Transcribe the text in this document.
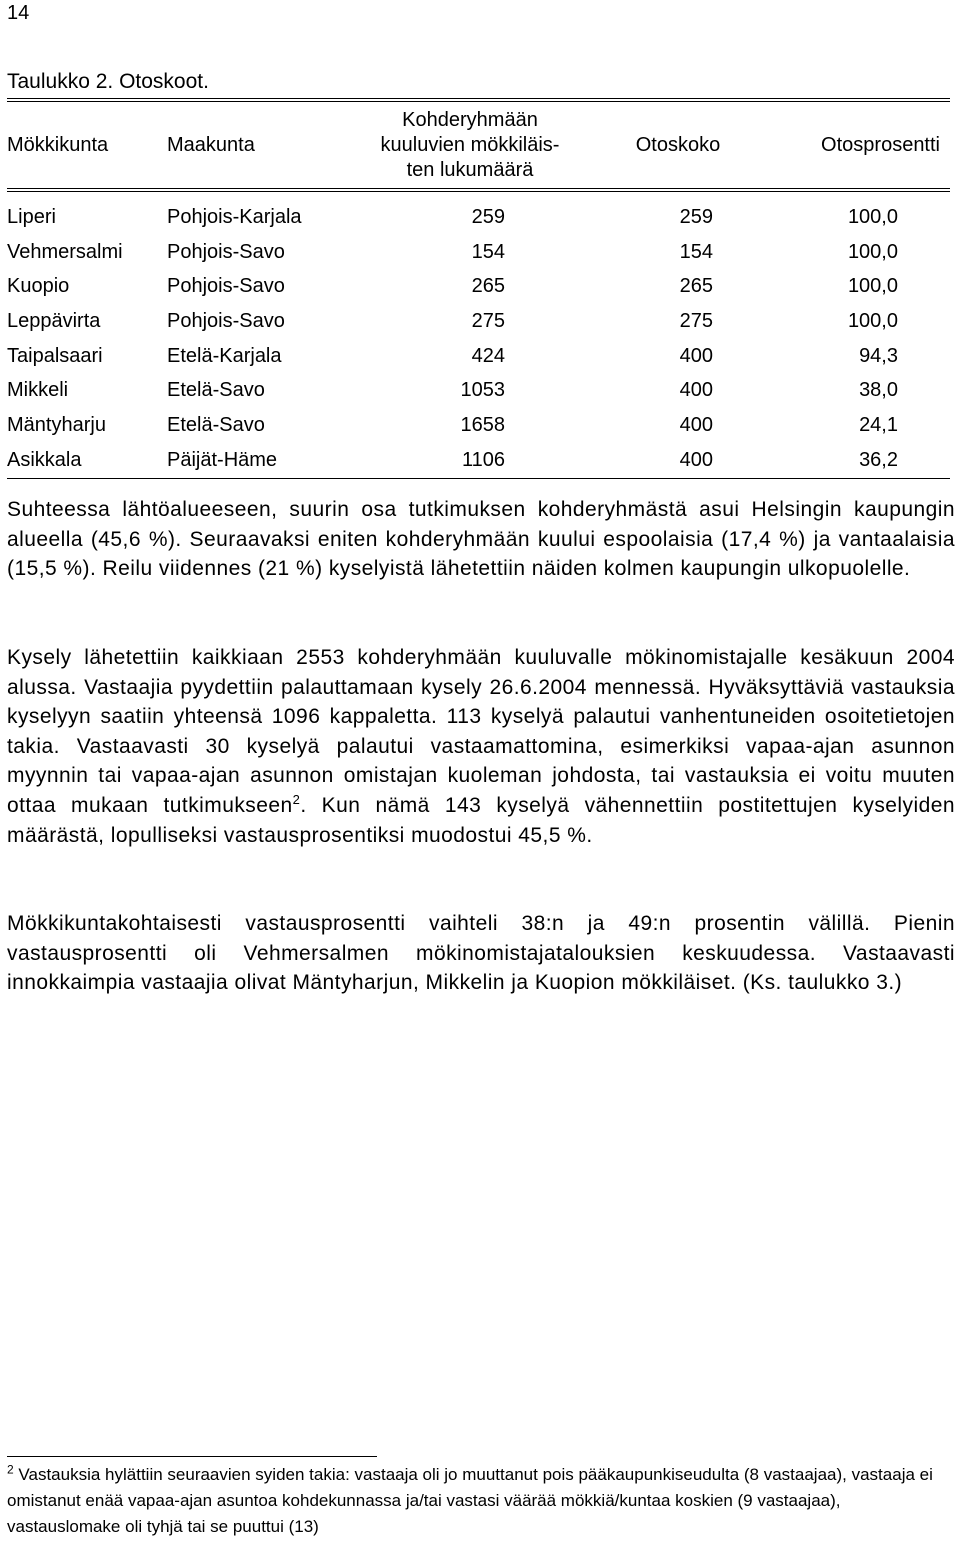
14
Taulukko 2. Otoskoot.
Mökkikunta	Maakunta	Kohderyhmään
kuuluvien mökkiläis-
ten lukumäärä	Otoskoko	Otosprosentti
Liperi	Pohjois-Karjala	259	259	100,0
Vehmersalmi	Pohjois-Savo	154	154	100,0
Kuopio	Pohjois-Savo	265	265	100,0
Leppävirta	Pohjois-Savo	275	275	100,0
Taipalsaari	Etelä-Karjala	424	400	94,3
Mikkeli	Etelä-Savo	1053	400	38,0
Mäntyharju	Etelä-Savo	1658	400	24,1
Asikkala	Päijät-Häme	1106	400	36,2

Suhteessa lähtöalueeseen, suurin osa tutkimuksen kohderyhmästä asui Helsingin kaupungin alueella (45,6 %). Seuraavaksi eniten kohderyhmään kuului espoolaisia (17,4 %) ja vantaalaisia (15,5 %). Reilu viidennes (21 %) kyselyistä lähetettiin näiden kolmen kaupungin ulkopuolelle.

Kysely lähetettiin kaikkiaan 2553 kohderyhmään kuuluvalle mökinomistajalle kesäkuun 2004 alussa. Vastaajia pyydettiin palauttamaan kysely 26.6.2004 mennessä. Hyväksyttäviä vastauksia kyselyyn saatiin yhteensä 1096 kappaletta. 113 kyselyä palautui vanhentuneiden osoitetietojen takia. Vastaavasti 30 kyselyä palautui vastaamattomina, esimerkiksi vapaa-ajan asunnon myynnin tai vapaa-ajan asunnon omistajan kuoleman johdosta, tai vastauksia ei voitu muuten ottaa mukaan tutkimukseen$^2$. Kun nämä 143 kyselyä vähennettiin postitettujen kyselyiden määrästä, lopulliseksi vastausprosentiksi muodostui 45,5 %.

Mökkikuntakohtaisesti vastausprosentti vaihteli 38:n ja 49:n prosentin välillä. Pienin vastausprosentti oli Vehmersalmen mökinomistajatalouksien keskuudessa. Vastaavasti innokkaimpia vastaajia olivat Mäntyharjun, Mikkelin ja Kuopion mökkiläiset. (Ks. taulukko 3.)

$^2$ Vastauksia hylättiin seuraavien syiden takia: vastaaja oli jo muuttanut pois pääkaupunkiseudulta (8 vastaajaa), vastaaja ei omistanut enää vapaa-ajan asuntoa kohdekunnassa ja/tai vastasi väärää mökkiä/kuntaa koskien (9 vastaajaa), vastauslomake oli tyhjä tai se puuttui (13)
